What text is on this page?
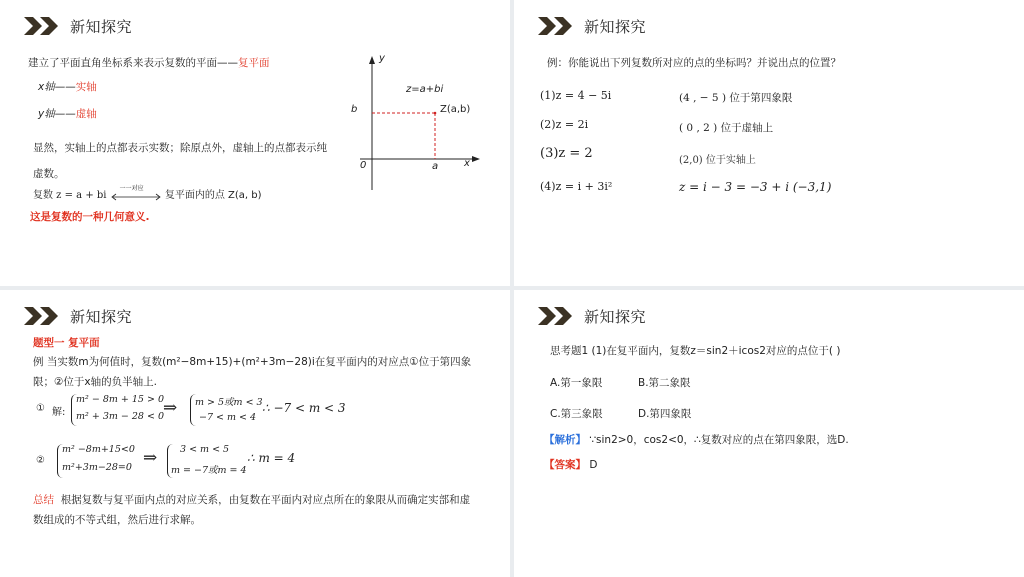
新知探究
建立了平面直角坐标系来表示复数的平面——复平面
x轴——实轴
y轴——虚轴
显然，实轴上的点都表示实数；除原点外，虚轴上的点都表示纯
虚数。
复数 z = a + bi
一一对应
复平面内的点 Z(a, b)
这是复数的一种几何意义.
y
x
0
b
a
z=a+bi
Z(a,b)
新知探究
例：你能说出下列复数所对应的点的坐标吗？并说出点的位置？
(1)z = 4 − 5i	(4 , − 5 ) 位于第四象限
(2)z = 2i	( 0 , 2 ) 位于虚轴上
(3)z = 2	(2,0) 位于实轴上
(4)z = i + 3i²	z = i − 3 = −3 + i (−3,1)
新知探究
题型一 复平面
例 当实数m为何值时，复数(m²−8m+15)+(m²+3m−28)i在复平面内的对应点①位于第四象
限；②位于x轴的负半轴上.
① 解:
m² − 8m + 15 > 0
m² + 3m − 28 < 0
⇒ m > 5或m < 3
−7 < m < 4
∴ −7 < m < 3
②
m² −8m+15<0
m²+3m−28=0 ⇒ 3 < m < 5
m = −7或m = 4
∴ m = 4
总结 根据复数与复平面内点的对应关系，由复数在平面内对应点所在的象限从而确定实部和虚
数组成的不等式组，然后进行求解。
新知探究
思考题1 (1)在复平面内，复数z＝sin2＋icos2对应的点位于( )
A.第一象限	B.第二象限
C.第三象限	D.第四象限
【解析】 ∵sin2>0，cos2<0，∴复数对应的点在第四象限，选D.
【答案】 D
